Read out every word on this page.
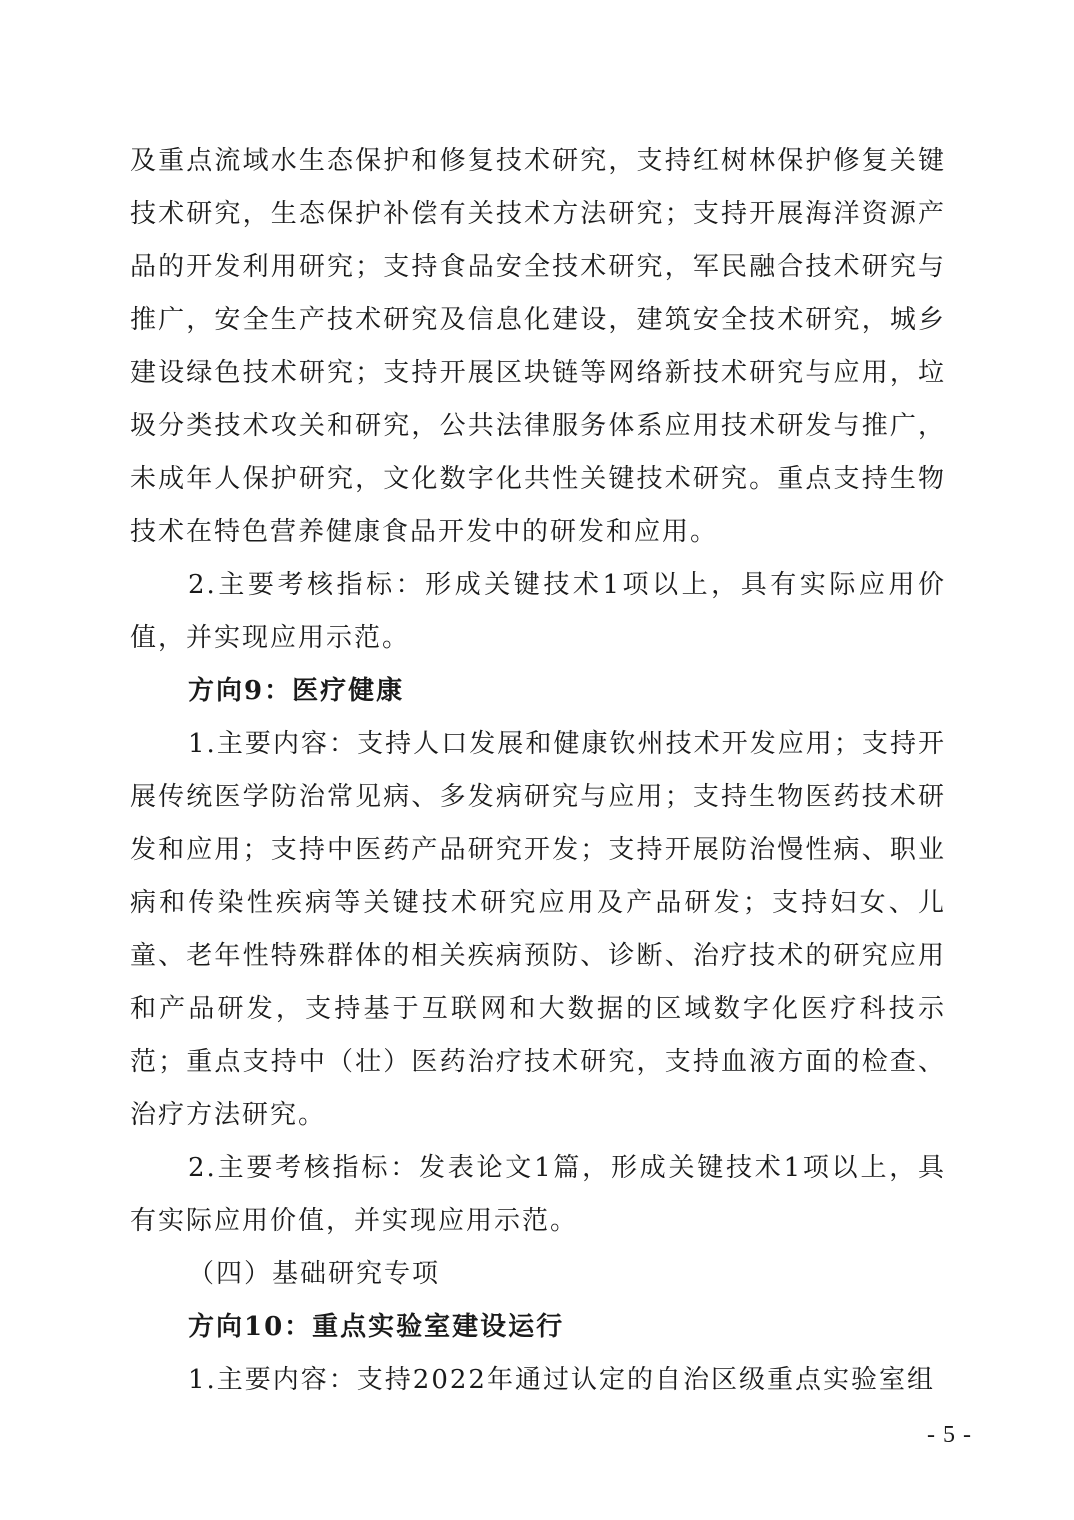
及重点流域水生态保护和修复技术研究，支持红树林保护修复关键技术研究，生态保护补偿有关技术方法研究；支持开展海洋资源产品的开发利用研究；支持食品安全技术研究，军民融合技术研究与推广，安全生产技术研究及信息化建设，建筑安全技术研究，城乡建设绿色技术研究；支持开展区块链等网络新技术研究与应用，垃圾分类技术攻关和研究，公共法律服务体系应用技术研发与推广，未成年人保护研究，文化数字化共性关键技术研究。重点支持生物技术在特色营养健康食品开发中的研发和应用。

2.主要考核指标：形成关键技术1项以上，具有实际应用价值，并实现应用示范。

方向9：医疗健康

1.主要内容：支持人口发展和健康钦州技术开发应用；支持开展传统医学防治常见病、多发病研究与应用；支持生物医药技术研发和应用；支持中医药产品研究开发；支持开展防治慢性病、职业病和传染性疾病等关键技术研究应用及产品研发；支持妇女、儿童、老年性特殊群体的相关疾病预防、诊断、治疗技术的研究应用和产品研发，支持基于互联网和大数据的区域数字化医疗科技示范；重点支持中（壮）医药治疗技术研究，支持血液方面的检查、治疗方法研究。

2.主要考核指标：发表论文1篇，形成关键技术1项以上，具有实际应用价值，并实现应用示范。

（四）基础研究专项

方向10：重点实验室建设运行

1.主要内容：支持2022年通过认定的自治区级重点实验室组

- 5 -
